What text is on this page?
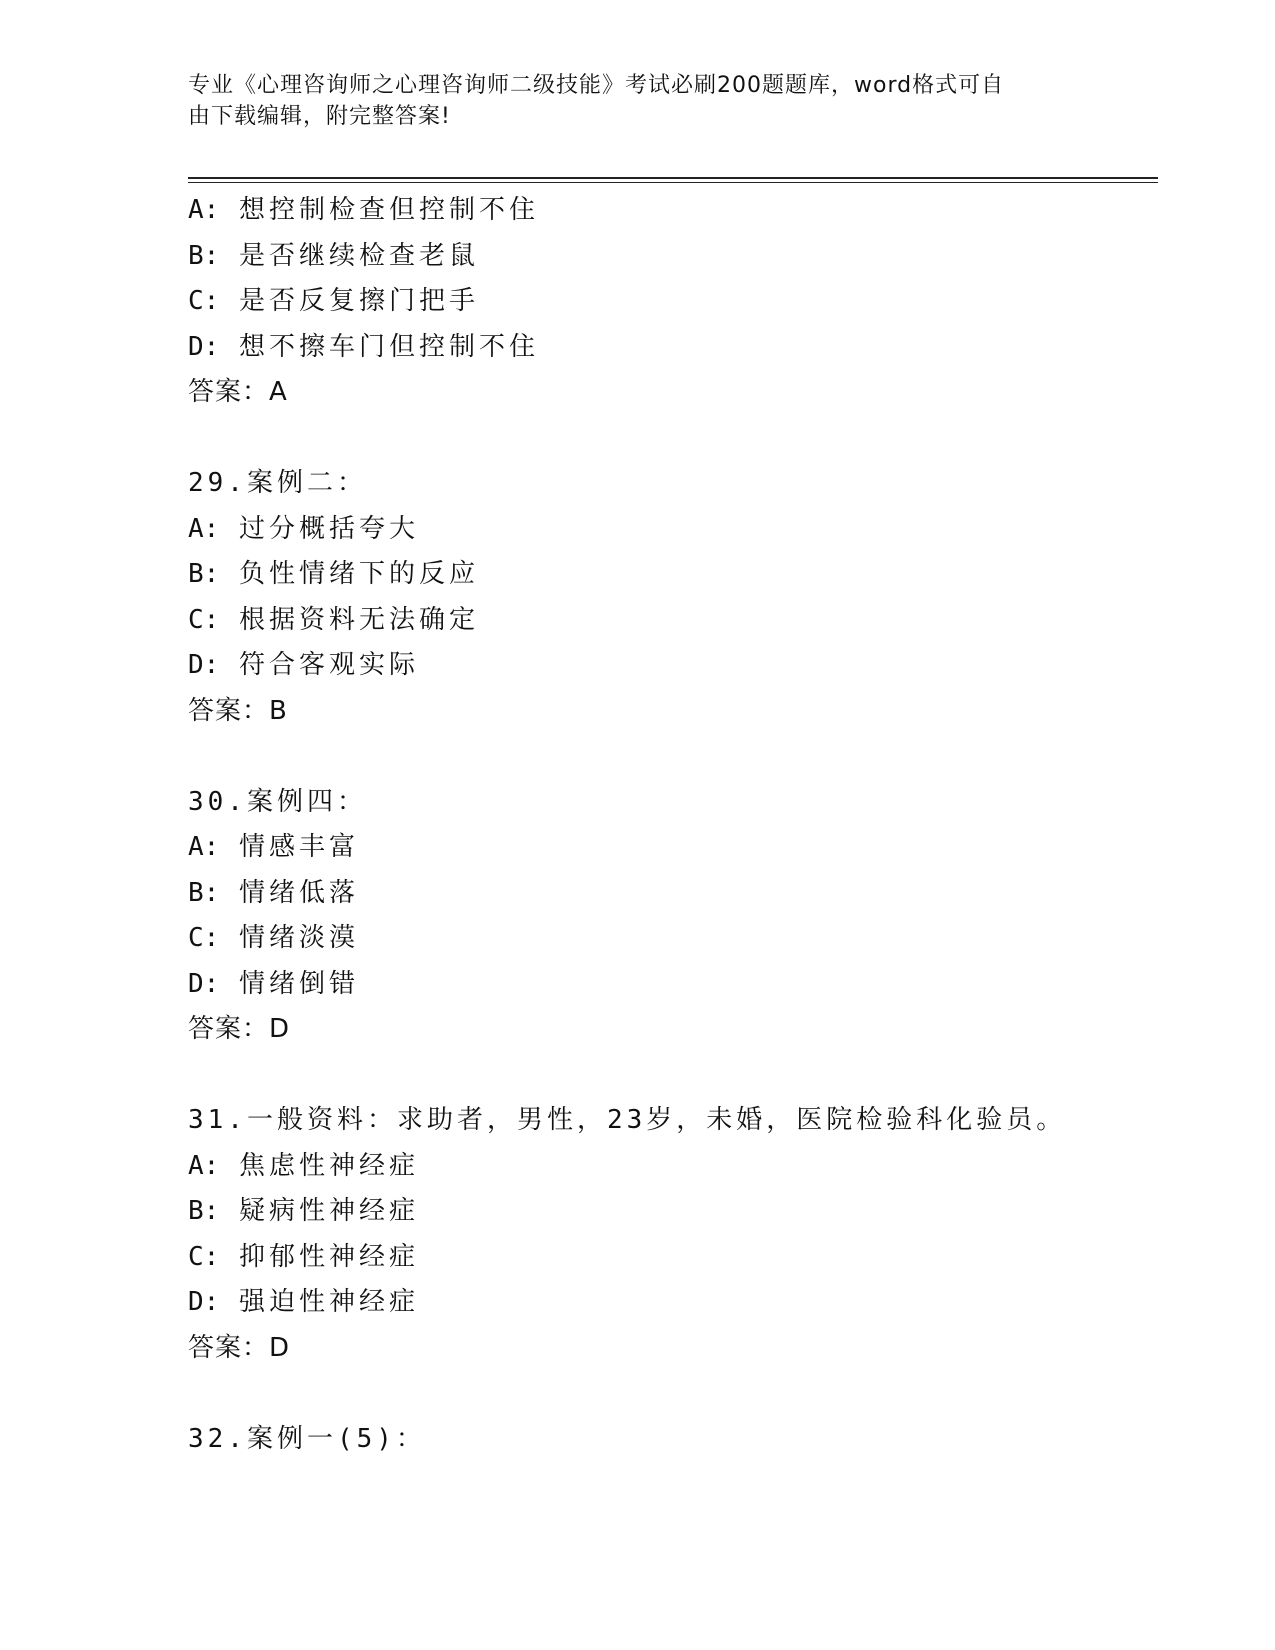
专业《心理咨询师之心理咨询师二级技能》考试必刷200题题库，word格式可自
由下载编辑，附完整答案!
A: 想控制检查但控制不住
B: 是否继续检查老鼠
C: 是否反复擦门把手
D: 想不擦车门但控制不住
答案：A
29.案例二：
A: 过分概括夸大
B: 负性情绪下的反应
C: 根据资料无法确定
D: 符合客观实际
答案：B
30.案例四：
A: 情感丰富
B: 情绪低落
C: 情绪淡漠
D: 情绪倒错
答案：D
31.一般资料：求助者，男性，23岁，未婚，医院检验科化验员。
A: 焦虑性神经症
B: 疑病性神经症
C: 抑郁性神经症
D: 强迫性神经症
答案：D
32.案例一(5)：
